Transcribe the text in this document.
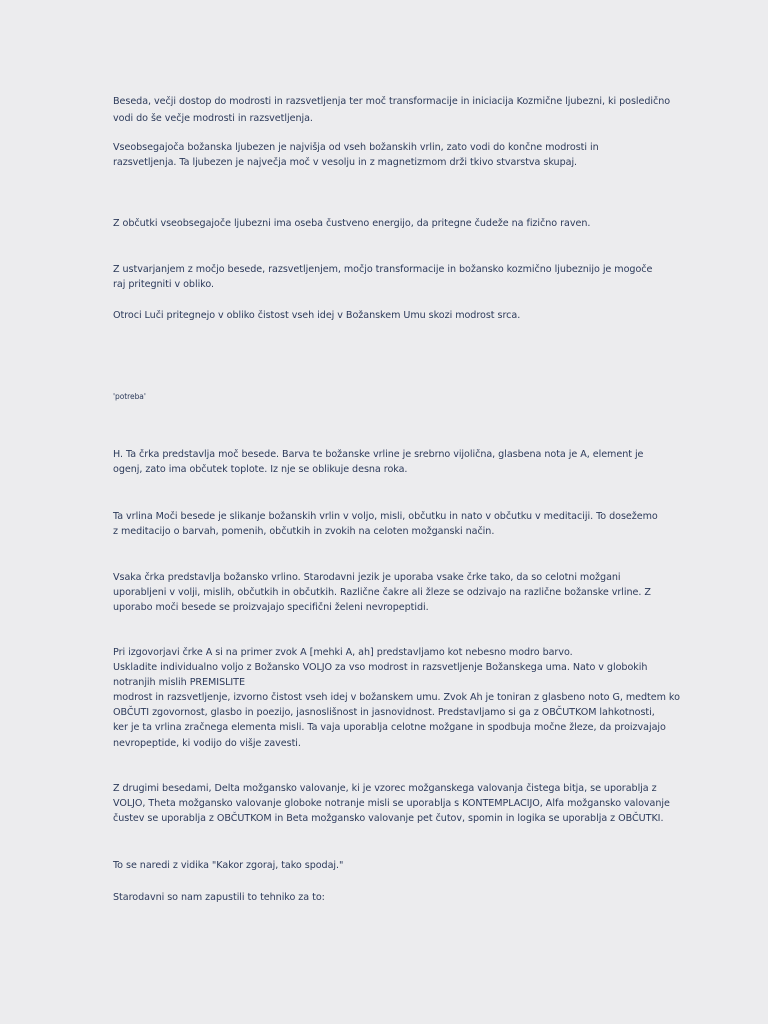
Beseda, večji dostop do modrosti in razsvetljenja ter moč transformacije in iniciacija Kozmične ljubezni, ki posledično
vodi do še večje modrosti in razsvetljenja.
Vseobsegajoča božanska ljubezen je najvišja od vseh božanskih vrlin, zato vodi do končne modrosti in
razsvetljenja. Ta ljubezen je največja moč v vesolju in z magnetizmom drži tkivo stvarstva skupaj.
Z občutki vseobsegajoče ljubezni ima oseba čustveno energijo, da pritegne čudeže na fizično raven.
Z ustvarjanjem z močjo besede, razsvetljenjem, močjo transformacije in božansko kozmično ljubeznijo je mogoče
raj pritegniti v obliko.
Otroci Luči pritegnejo v obliko čistost vseh idej v Božanskem Umu skozi modrost srca.
'potreba'
H. Ta črka predstavlja moč besede. Barva te božanske vrline je srebrno vijolična, glasbena nota je A, element je
ogenj, zato ima občutek toplote. Iz nje se oblikuje desna roka.
Ta vrlina Moči besede je slikanje božanskih vrlin v voljo, misli, občutku in nato v občutku v meditaciji. To dosežemo
z meditacijo o barvah, pomenih, občutkih in zvokih na celoten možganski način.
Vsaka črka predstavlja božansko vrlino. Starodavni jezik je uporaba vsake črke tako, da so celotni možgani
uporabljeni v volji, mislih, občutkih in občutkih. Različne čakre ali žleze se odzivajo na različne božanske vrline. Z
uporabo moči besede se proizvajajo specifični želeni nevropeptidi.
Pri izgovorjavi črke A si na primer zvok A [mehki A, ah] predstavljamo kot nebesno modro barvo.
Uskladite individualno voljo z Božansko VOLJO za vso modrost in razsvetljenje Božanskega uma. Nato v globokih
notranjih mislih PREMISLITE
modrost in razsvetljenje, izvorno čistost vseh idej v božanskem umu. Zvok Ah je toniran z glasbeno noto G, medtem ko
OBČUTI zgovornost, glasbo in poezijo, jasnoslišnost in jasnovidnost. Predstavljamo si ga z OBČUTKOM lahkotnosti,
ker je ta vrlina zračnega elementa misli. Ta vaja uporablja celotne možgane in spodbuja močne žleze, da proizvajajo
nevropeptide, ki vodijo do višje zavesti.
Z drugimi besedami, Delta možgansko valovanje, ki je vzorec možganskega valovanja čistega bitja, se uporablja z
VOLJO, Theta možgansko valovanje globoke notranje misli se uporablja s KONTEMPLACIJO, Alfa možgansko valovanje
čustev se uporablja z OBČUTKOM in Beta možgansko valovanje pet čutov, spomin in logika se uporablja z OBČUTKI.
To se naredi z vidika "Kakor zgoraj, tako spodaj."
Starodavni so nam zapustili to tehniko za to:
